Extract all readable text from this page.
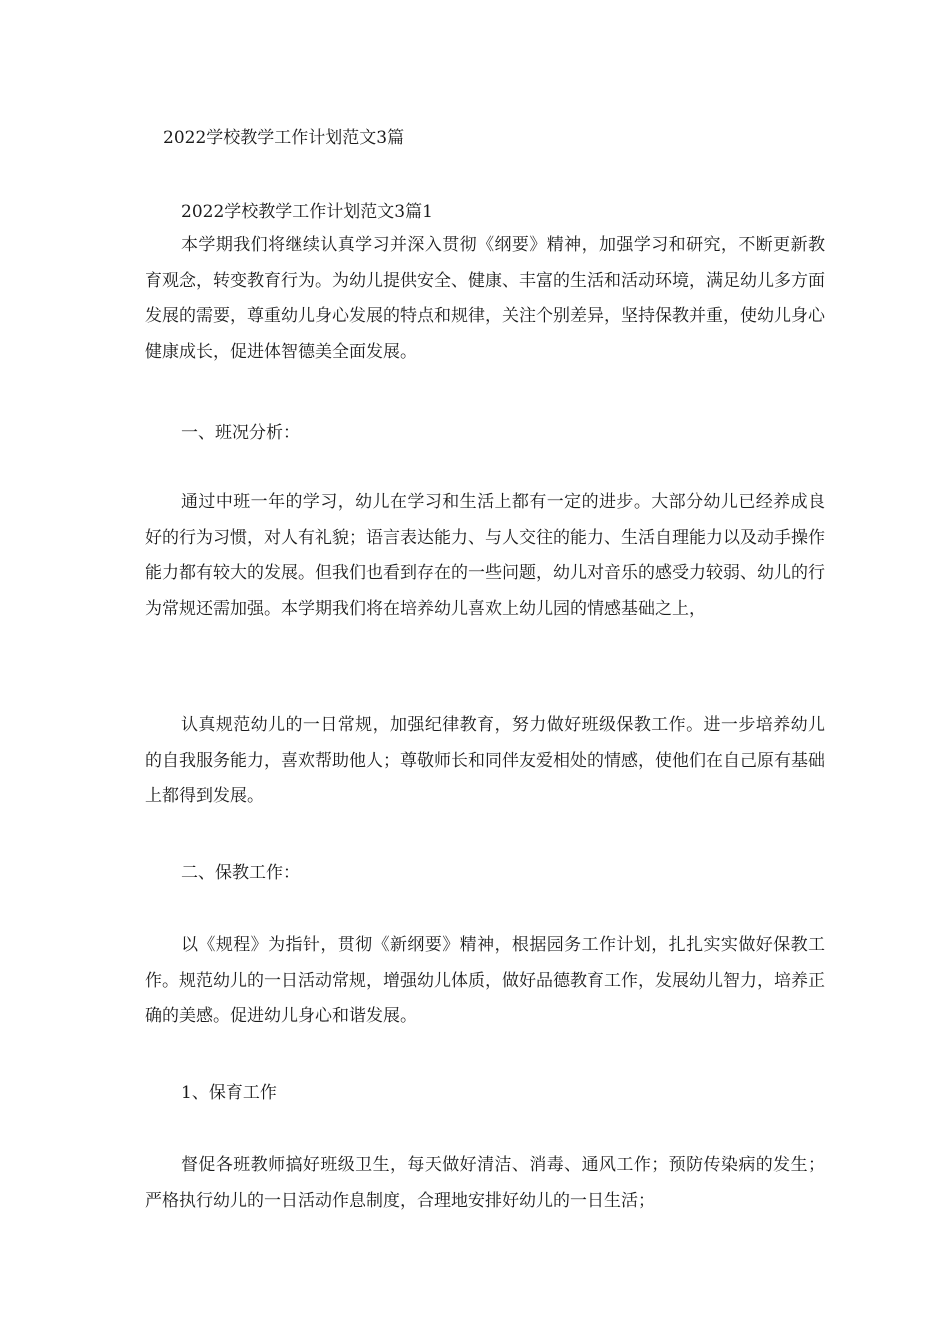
2022学校教学工作计划范文3篇
2022学校教学工作计划范文3篇1

本学期我们将继续认真学习并深入贯彻《纲要》精神，加强学习和研究，不断更新教育观念，转变教育行为。为幼儿提供安全、健康、丰富的生活和活动环境，满足幼儿多方面发展的需要，尊重幼儿身心发展的特点和规律，关注个别差异，坚持保教并重，使幼儿身心健康成长，促进体智德美全面发展。

一、班况分析：

通过中班一年的学习，幼儿在学习和生活上都有一定的进步。大部分幼儿已经养成良好的行为习惯，对人有礼貌；语言表达能力、与人交往的能力、生活自理能力以及动手操作能力都有较大的发展。但我们也看到存在的一些问题，幼儿对音乐的感受力较弱、幼儿的行为常规还需加强。本学期我们将在培养幼儿喜欢上幼儿园的情感基础之上，

认真规范幼儿的一日常规，加强纪律教育，努力做好班级保教工作。进一步培养幼儿的自我服务能力，喜欢帮助他人；尊敬师长和同伴友爱相处的情感，使他们在自己原有基础上都得到发展。

二、保教工作：

以《规程》为指针，贯彻《新纲要》精神，根据园务工作计划，扎扎实实做好保教工作。规范幼儿的一日活动常规，增强幼儿体质，做好品德教育工作，发展幼儿智力，培养正确的美感。促进幼儿身心和谐发展。

1、保育工作

督促各班教师搞好班级卫生，每天做好清洁、消毒、通风工作；预防传染病的发生；严格执行幼儿的一日活动作息制度，合理地安排好幼儿的一日生活；
